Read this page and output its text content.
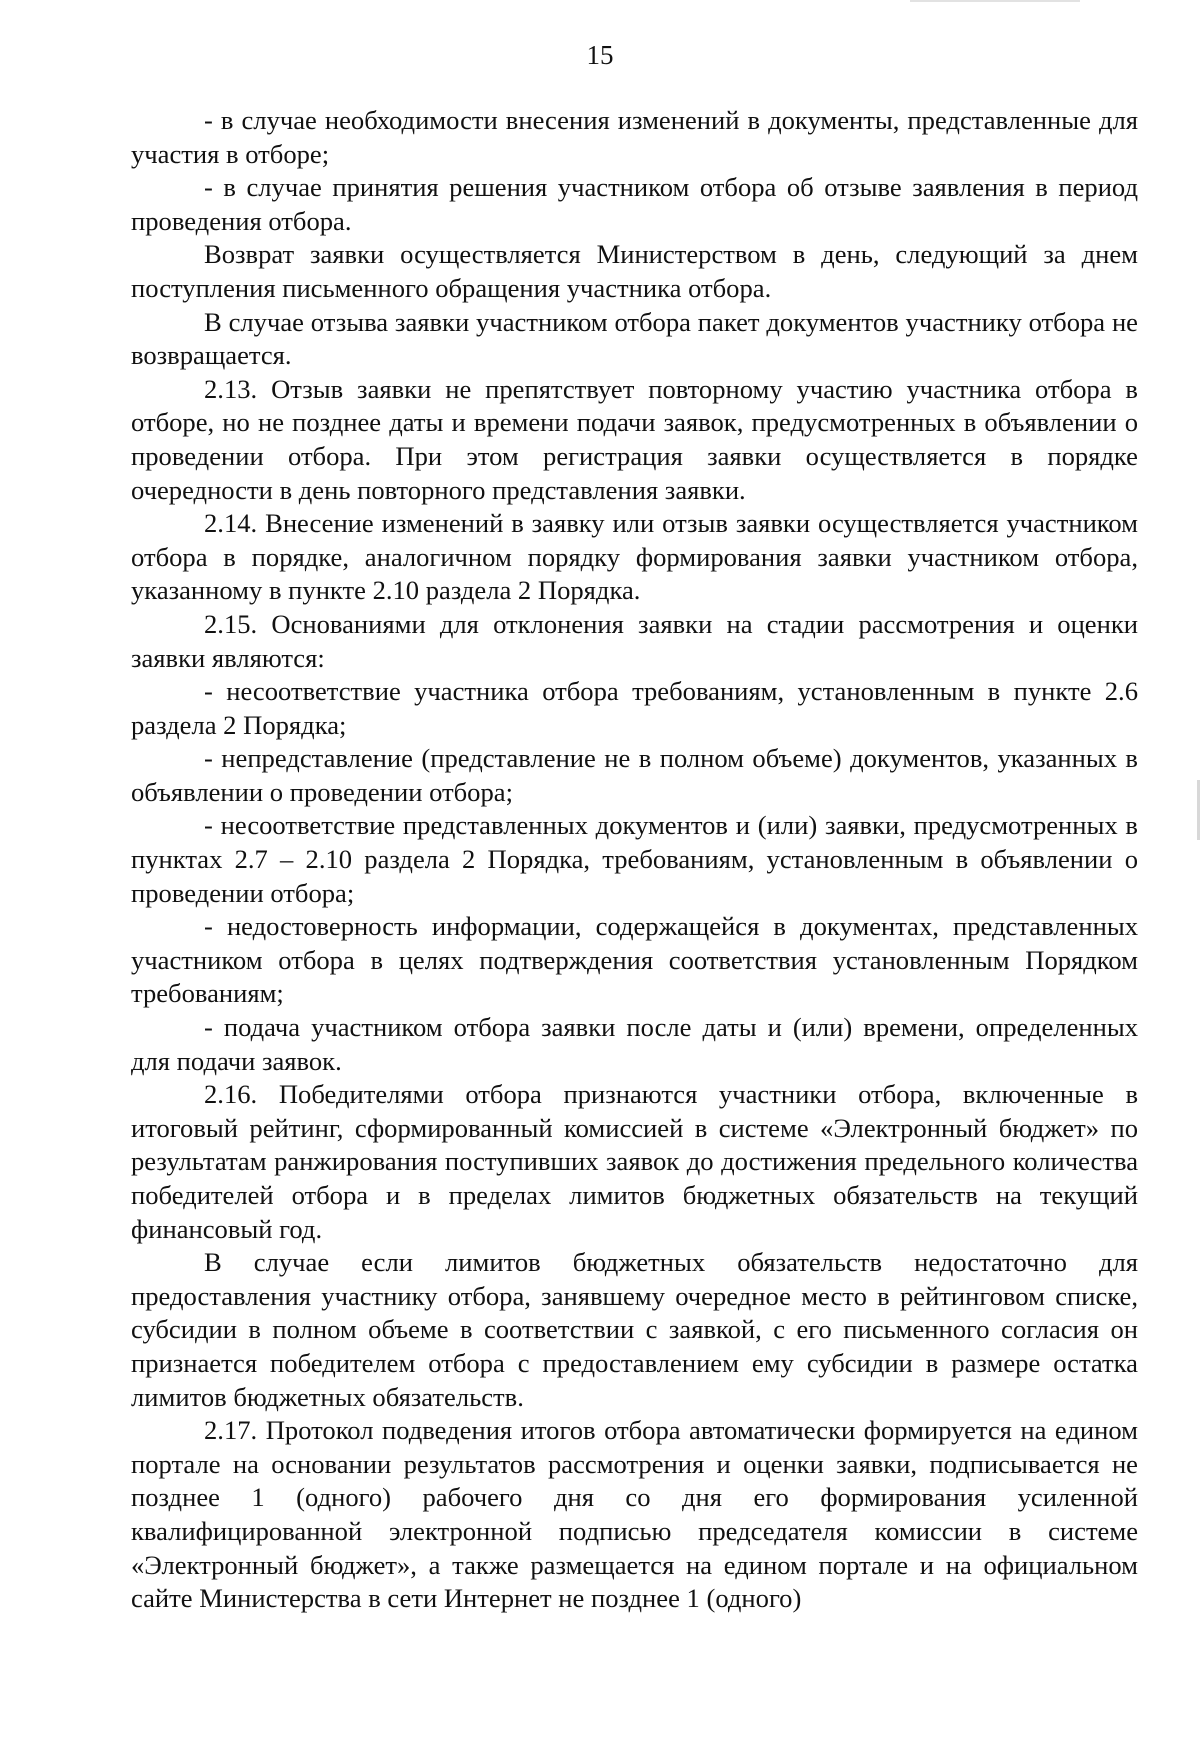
15

- в случае необходимости внесения изменений в документы, представленные для участия в отборе;

- в случае принятия решения участником отбора об отзыве заявления в период проведения отбора.

Возврат заявки осуществляется Министерством в день, следующий за днем поступления письменного обращения участника отбора.

В случае отзыва заявки участником отбора пакет документов участнику отбора не возвращается.

2.13. Отзыв заявки не препятствует повторному участию участника отбора в отборе, но не позднее даты и времени подачи заявок, предусмотренных в объявлении о проведении отбора. При этом регистрация заявки осуществляется в порядке очередности в день повторного представления заявки.

2.14. Внесение изменений в заявку или отзыв заявки осуществляется участником отбора в порядке, аналогичном порядку формирования заявки участником отбора, указанному в пункте 2.10 раздела 2 Порядка.

2.15. Основаниями для отклонения заявки на стадии рассмотрения и оценки заявки являются:

- несоответствие участника отбора требованиям, установленным в пункте 2.6 раздела 2 Порядка;

- непредставление (представление не в полном объеме) документов, указанных в объявлении о проведении отбора;

- несоответствие представленных документов и (или) заявки, предусмотренных в пунктах 2.7 – 2.10 раздела 2 Порядка, требованиям, установленным в объявлении о проведении отбора;

- недостоверность информации, содержащейся в документах, представленных участником отбора в целях подтверждения соответствия установленным Порядком требованиям;

- подача участником отбора заявки после даты и (или) времени, определенных для подачи заявок.

2.16. Победителями отбора признаются участники отбора, включенные в итоговый рейтинг, сформированный комиссией в системе «Электронный бюджет» по результатам ранжирования поступивших заявок до достижения предельного количества победителей отбора и в пределах лимитов бюджетных обязательств на текущий финансовый год.

В случае если лимитов бюджетных обязательств недостаточно для предоставления участнику отбора, занявшему очередное место в рейтинговом списке, субсидии в полном объеме в соответствии с заявкой, с его письменного согласия он признается победителем отбора с предоставлением ему субсидии в размере остатка лимитов бюджетных обязательств.

2.17. Протокол подведения итогов отбора автоматически формируется на едином портале на основании результатов рассмотрения и оценки заявки, подписывается не позднее 1 (одного) рабочего дня со дня его формирования усиленной квалифицированной электронной подписью председателя комиссии в системе «Электронный бюджет», а также размещается на едином портале и на официальном сайте Министерства в сети Интернет не позднее 1 (одного)
